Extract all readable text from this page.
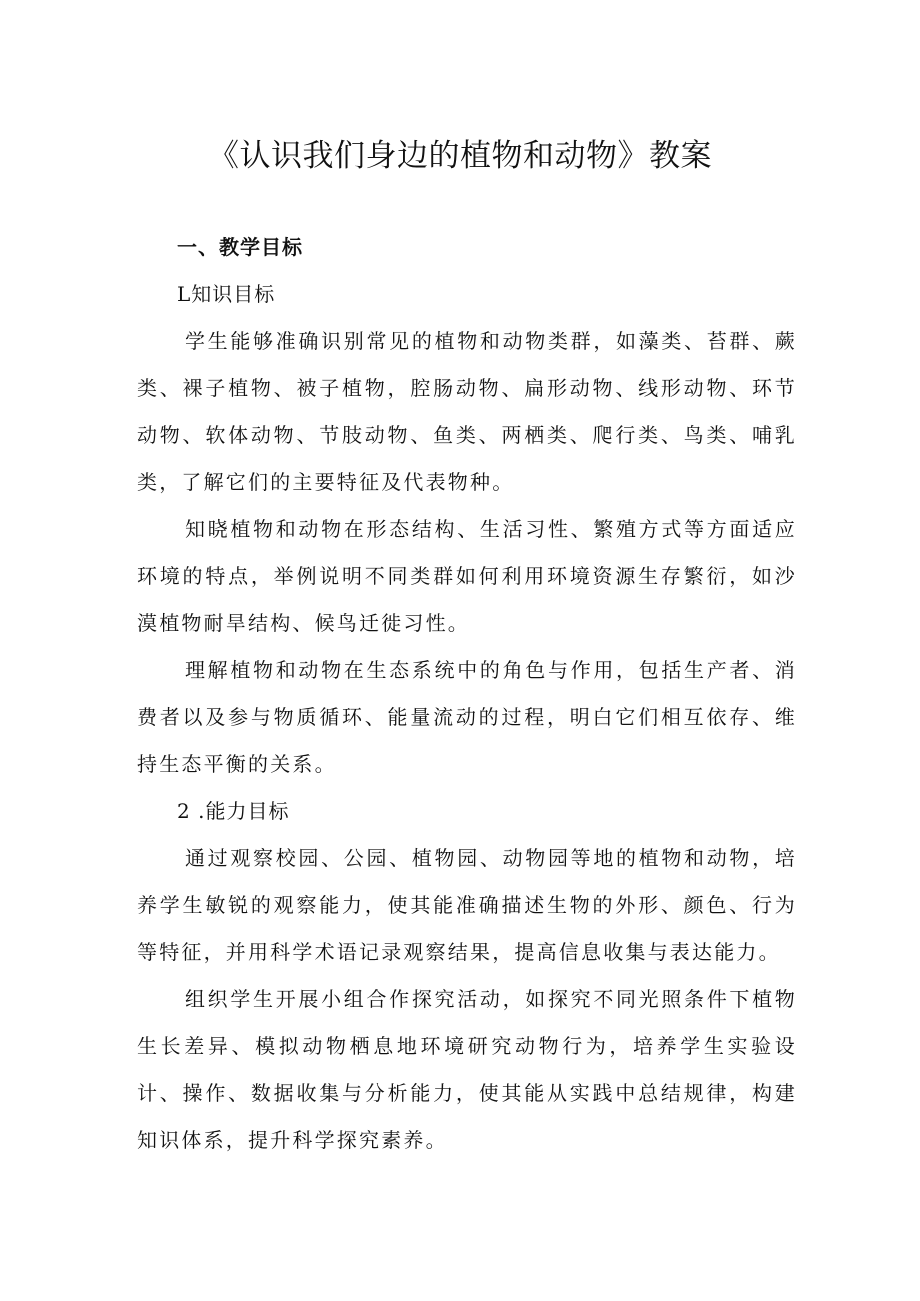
《认识我们身边的植物和动物》教案
一、教学目标
L知识目标

学生能够准确识别常见的植物和动物类群，如藻类、苔群、蕨类、裸子植物、被子植物，腔肠动物、扁形动物、线形动物、环节动物、软体动物、节肢动物、鱼类、两栖类、爬行类、鸟类、哺乳类，了解它们的主要特征及代表物种。

知晓植物和动物在形态结构、生活习性、繁殖方式等方面适应环境的特点，举例说明不同类群如何利用环境资源生存繁衍，如沙漠植物耐旱结构、候鸟迁徙习性。

理解植物和动物在生态系统中的角色与作用，包括生产者、消费者以及参与物质循环、能量流动的过程，明白它们相互依存、维持生态平衡的关系。

2 .能力目标

通过观察校园、公园、植物园、动物园等地的植物和动物，培养学生敏锐的观察能力，使其能准确描述生物的外形、颜色、行为等特征，并用科学术语记录观察结果，提高信息收集与表达能力。

组织学生开展小组合作探究活动，如探究不同光照条件下植物生长差异、模拟动物栖息地环境研究动物行为，培养学生实验设计、操作、数据收集与分析能力，使其能从实践中总结规律，构建知识体系，提升科学探究素养。
